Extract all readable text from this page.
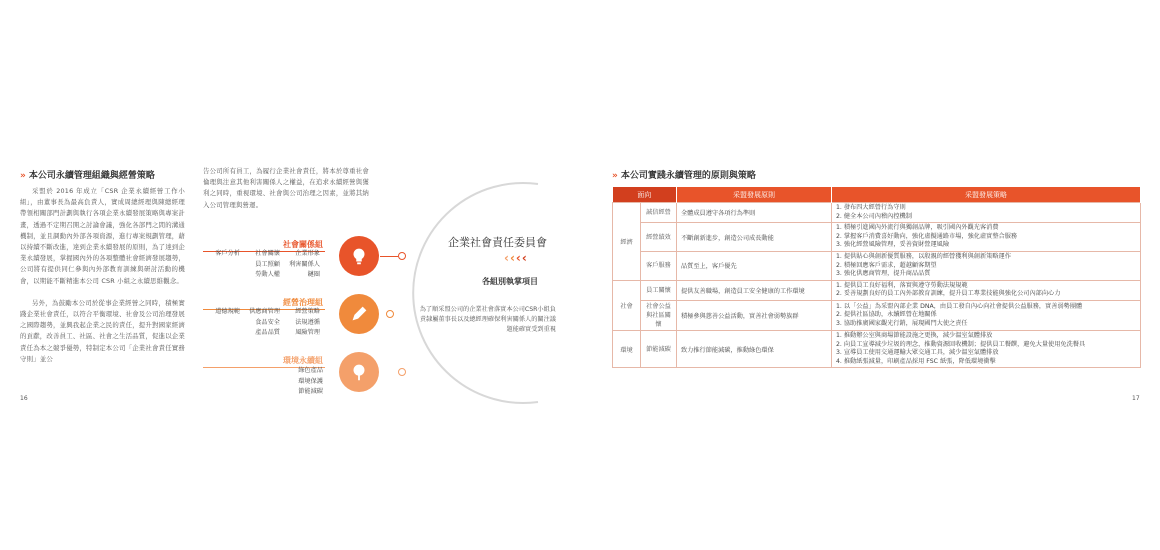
» 本公司永續管理組織與經營策略

采盟於 2016 年成立「CSR 企業永續經營工作小組」，由董事長為最高負責人，實成周總經理與陳總經理帶領相關部門計劃與執行各項企業永續發展策略與專案計畫，透過不定期召開之討論會議，強化各部門之間的溝通機制，並且調動內外部各項資源，進行專案規劃管理，藉以持續不斷改進，達到企業永續發展的原則，為了達到企業永續發展，掌握國內外的各項整體社會經濟發展趨勢，公司將有提供同仁參與內外部教育訓練與研討活動的機會，以期能不斷精進本公司 CSR 小組之永續思維觀念。

另外，為鼓勵本公司於從事企業經營之同時，積極實踐企業社會責任，以符合平衡環境、社會及公司治理發展之國際趨勢，並興我起企業之民的責任，提升對國家經濟的貢獻，改善員工、社區、社會之生活品質，促進以企業責任為本之競爭優勢，特制定本公司「企業社會責任實務守則」並公

16

告公司所有員工，為履行企業社會責任，將本於尊重社會倫理與注意其他利害關係人之權益，在追求永續經營與獲利之同時，重視環境、社會與公司治理之因素，並將其納入公司管理與營運。

社會關係組
客戶分析	社會關懷	企業形象
員工照顧	利害關係人
勞動人權	鏈圈
經營治理組
道德規範	供應商管理	經營策略
食品安全	法規遵循
產品品質	風險管理
環境永續組
綠色產品
環境保護
節能減碳
企業社會責任委員會
‹‹‹‹
各組別執掌項目
為了順采盟公司的企業社會落實本公司CSR小組負責隸屬董事長以及總經理確保利害關係人的關注議題能確實受到重視
» 本公司實踐永續管理的原則與策略
面向		采盟發展原則	采盟發展策略
經濟	誠信經營	全體成員遵守各項行為準則	1. 發布四大經營行為守則
2. 健全本公司內稽內控機制

	經營績效	不斷創新進步，創造公司成長動能	1. 積極引進國內外流行與獨創品牌，吸引國內外觀光客消費
2. 掌握客戶消費喜好動向，強化虛擬通路市場，強化虛實整合服務
3. 強化經營風險管理，妥善資財營運風險

	客戶服務	品質至上，客戶優先	1. 提供貼心與創新優質服務，以殷親的經營獲利與創新策略運作
2. 積極回應客戶需求，超越顧客期望
3. 強化供應商管理，提升商品品質

社會	員工關懷	提供友善職場，創造員工安全健康的工作環境	1. 提供員工良好福利，落實與遵守勞動法規規範
2. 妥善規劃良好的員工內外部教育訓練，提升員工專業技能與強化公司內部向心力

	社會公益與社區關懷	積極參與慈善公益活動，實善社會弱勢族群	1. 以「公益」為采盟內部企業 DNA，由員工發自內心向社會提供公益服務，實善弱勢團體
2. 提供社區協助，永續經營在地關係
3. 協助推廣國家觀光行銷，展現國門大使之責任

環境	節能減碳	致力推行節能減碳，推動綠色環保	1. 推動辦公室與商場節能設施之更換，減少溫室氣體排放
2. 向員工宣導減少垃圾的理念，推動資源回收機制；提供員工餐饌，避免大量使用免洗餐具
3. 宣導員工使用交通運輸大眾交通工具，減少溫室氣體排放
4. 推動紙張減量，印刷產品採用 FSC 紙張，降低環境衝擊
17
